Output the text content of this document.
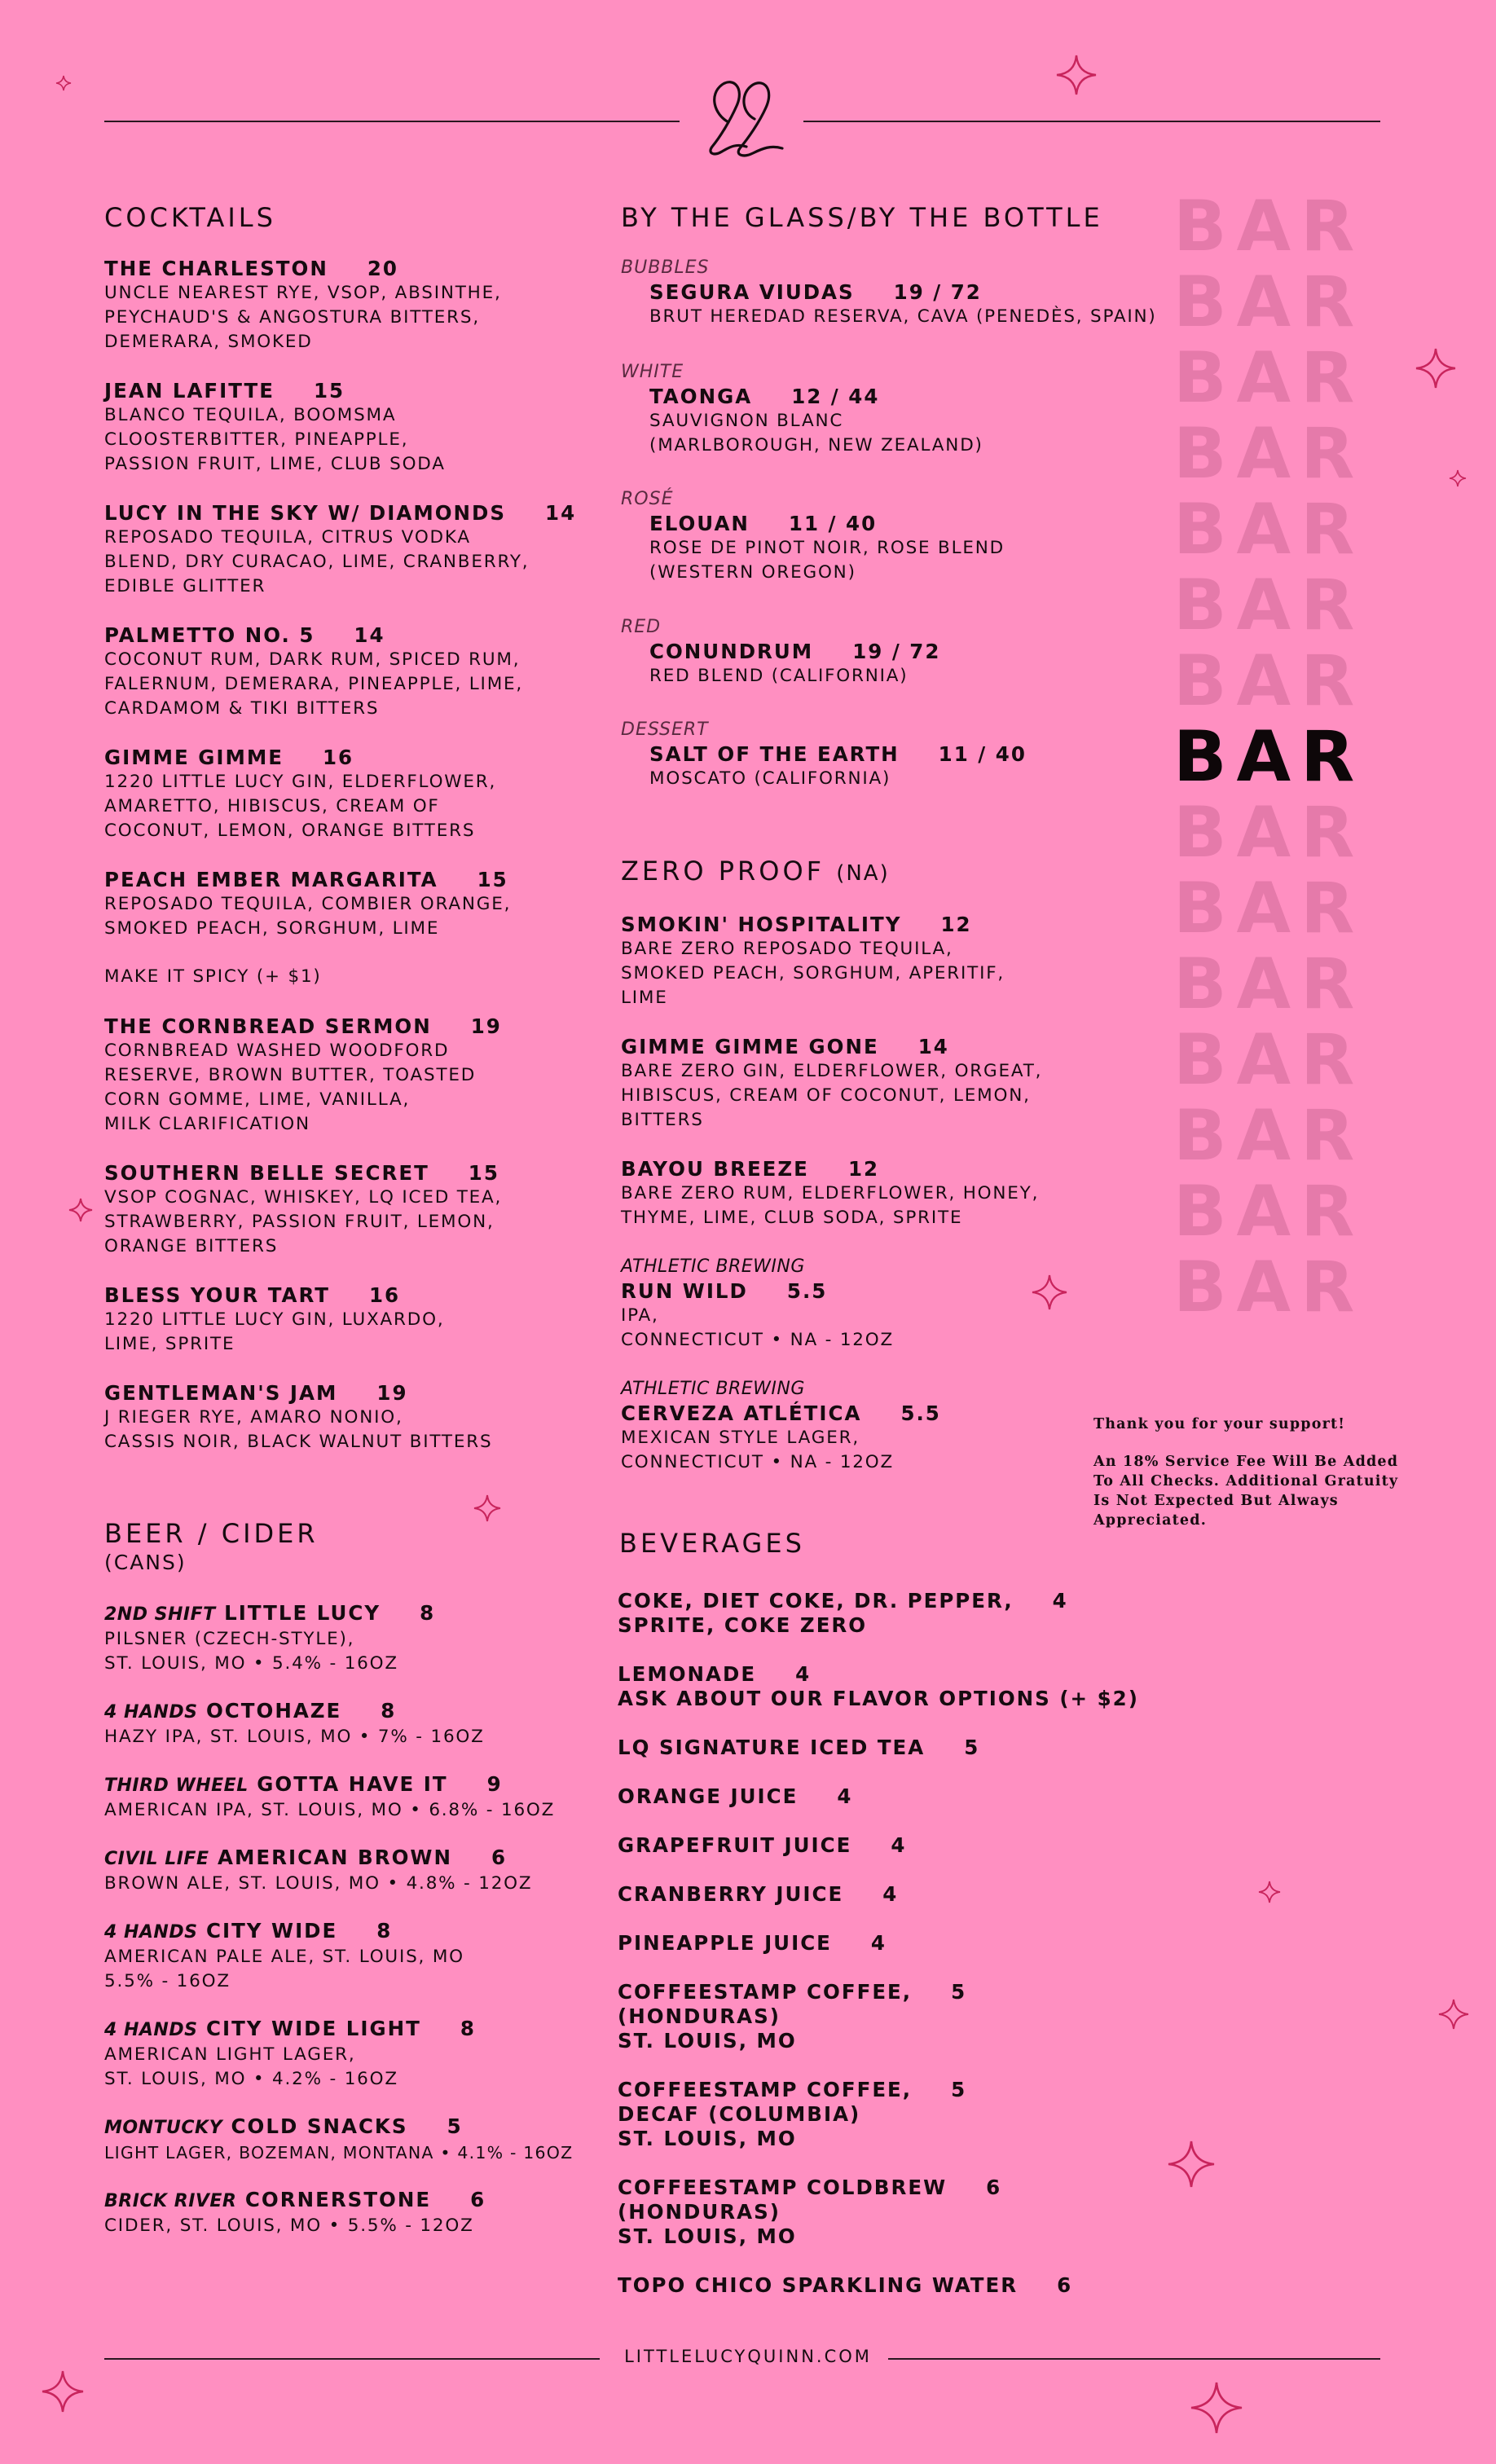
COCKTAILS
THE CHARLESTON 20
UNCLE NEAREST RYE, VSOP, ABSINTHE,
PEYCHAUD'S & ANGOSTURA BITTERS,
DEMERARA, SMOKED
JEAN LAFITTE 15
BLANCO TEQUILA, BOOMSMA
CLOOSTERBITTER, PINEAPPLE,
PASSION FRUIT, LIME, CLUB SODA
LUCY IN THE SKY W/ DIAMONDS 14
REPOSADO TEQUILA, CITRUS VODKA
BLEND, DRY CURACAO, LIME, CRANBERRY,
EDIBLE GLITTER
PALMETTO NO. 5 14
COCONUT RUM, DARK RUM, SPICED RUM,
FALERNUM, DEMERARA, PINEAPPLE, LIME,
CARDAMOM & TIKI BITTERS
GIMME GIMME 16
1220 LITTLE LUCY GIN, ELDERFLOWER,
AMARETTO, HIBISCUS, CREAM OF
COCONUT, LEMON, ORANGE BITTERS
PEACH EMBER MARGARITA 15
REPOSADO TEQUILA, COMBIER ORANGE,
SMOKED PEACH, SORGHUM, LIME
MAKE IT SPICY (+ $1)
THE CORNBREAD SERMON 19
CORNBREAD WASHED WOODFORD
RESERVE, BROWN BUTTER, TOASTED
CORN GOMME, LIME, VANILLA,
MILK CLARIFICATION
SOUTHERN BELLE SECRET 15
VSOP COGNAC, WHISKEY, LQ ICED TEA,
STRAWBERRY, PASSION FRUIT, LEMON,
ORANGE BITTERS
BLESS YOUR TART 16
1220 LITTLE LUCY GIN, LUXARDO,
LIME, SPRITE
GENTLEMAN'S JAM 19
J RIEGER RYE, AMARO NONIO,
CASSIS NOIR, BLACK WALNUT BITTERS
BEER / CIDER
(CANS)
2ND SHIFT LITTLE LUCY 8
PILSNER (CZECH-STYLE),
ST. LOUIS, MO • 5.4% - 16OZ
4 HANDS OCTOHAZE 8
HAZY IPA, ST. LOUIS, MO • 7% - 16OZ
THIRD WHEEL GOTTA HAVE IT 9
AMERICAN IPA, ST. LOUIS, MO • 6.8% - 16OZ
CIVIL LIFE AMERICAN BROWN 6
BROWN ALE, ST. LOUIS, MO • 4.8% - 12OZ
4 HANDS CITY WIDE 8
AMERICAN PALE ALE, ST. LOUIS, MO
5.5% - 16OZ
4 HANDS CITY WIDE LIGHT 8
AMERICAN LIGHT LAGER,
ST. LOUIS, MO • 4.2% - 16OZ
MONTUCKY COLD SNACKS 5
LIGHT LAGER, BOZEMAN, MONTANA • 4.1% - 16OZ
BRICK RIVER CORNERSTONE 6
CIDER, ST. LOUIS, MO • 5.5% - 12OZ
BY THE GLASS/BY THE BOTTLE
BUBBLES
SEGURA VIUDAS 19 / 72
BRUT HEREDAD RESERVA, CAVA (PENEDÈS, SPAIN)
WHITE
TAONGA 12 / 44
SAUVIGNON BLANC
(MARLBOROUGH, NEW ZEALAND)
ROSÉ
ELOUAN 11 / 40
ROSE DE PINOT NOIR, ROSE BLEND
(WESTERN OREGON)
RED
CONUNDRUM 19 / 72
RED BLEND (CALIFORNIA)
DESSERT
SALT OF THE EARTH 11 / 40
MOSCATO (CALIFORNIA)
ZERO PROOF (NA)
SMOKIN' HOSPITALITY 12
BARE ZERO REPOSADO TEQUILA,
SMOKED PEACH, SORGHUM, APERITIF,
LIME
GIMME GIMME GONE 14
BARE ZERO GIN, ELDERFLOWER, ORGEAT,
HIBISCUS, CREAM OF COCONUT, LEMON,
BITTERS
BAYOU BREEZE 12
BARE ZERO RUM, ELDERFLOWER, HONEY,
THYME, LIME, CLUB SODA, SPRITE
ATHLETIC BREWING
RUN WILD 5.5
IPA,
CONNECTICUT • NA - 12OZ
ATHLETIC BREWING
CERVEZA ATLÉTICA 5.5
MEXICAN STYLE LAGER,
CONNECTICUT • NA - 12OZ
BEVERAGES
COKE, DIET COKE, DR. PEPPER, 4
SPRITE, COKE ZERO
LEMONADE 4
ASK ABOUT OUR FLAVOR OPTIONS (+ $2)
LQ SIGNATURE ICED TEA 5
ORANGE JUICE 4
GRAPEFRUIT JUICE 4
CRANBERRY JUICE 4
PINEAPPLE JUICE 4
COFFEESTAMP COFFEE, 5
(HONDURAS)
ST. LOUIS, MO
COFFEESTAMP COFFEE, 5
DECAF (COLUMBIA)
ST. LOUIS, MO
COFFEESTAMP COLDBREW 6
(HONDURAS)
ST. LOUIS, MO
TOPO CHICO SPARKLING WATER 6
BAR
BAR
BAR
BAR
BAR
BAR
BAR
BAR
BAR
BAR
BAR
BAR
BAR
BAR
BAR
Thank you for your support!
An 18% Service Fee Will Be Added
To All Checks. Additional Gratuity
Is Not Expected But Always
Appreciated.
LITTLELUCYQUINN.COM
